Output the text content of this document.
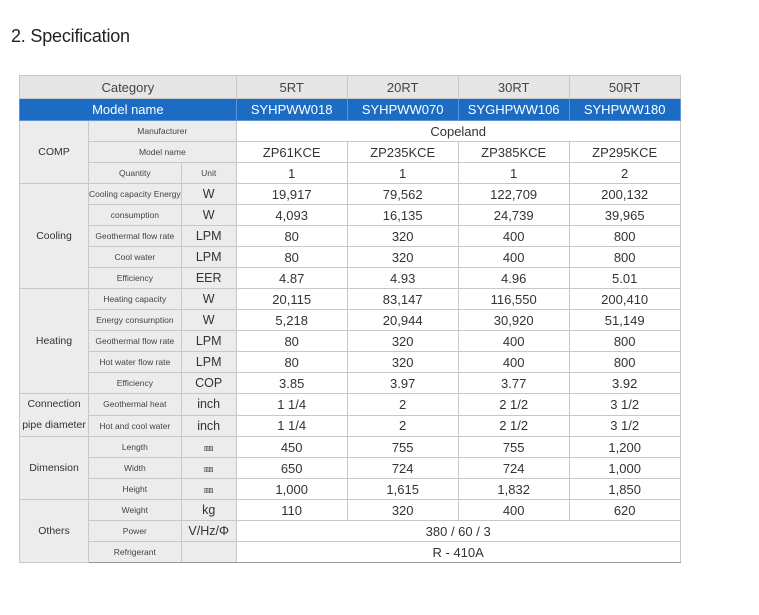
2. Specification
Category			5RT	20RT	30RT	50RT
Model name			SYHPWW018	SYHPWW070	SYGHPWW106	SYHPWW180
COMP	Manufacturer		Copeland			
	Model name		ZP61KCE	ZP235KCE	ZP385KCE	ZP295KCE
	Quantity	Unit	1	1	1	2
Cooling	Cooling capacity Energy	W	19,917	79,562	122,709	200,132
	consumption	W	4,093	16,135	24,739	39,965
	Geothermal flow rate	LPM	80	320	400	800
	Cool water	LPM	80	320	400	800
	Efficiency	EER	4.87	4.93	4.96	5.01
Heating	Heating capacity	W	20,115	83,147	116,550	200,410
	Energy consumption	W	5,218	20,944	30,920	51,149
	Geothermal flow rate	LPM	80	320	400	800
	Hot water flow rate	LPM	80	320	400	800
	Efficiency	COP	3.85	3.97	3.77	3.92

Connection
pipe diameter	Geothermal heat	inch	1 1/4	2	2 1/2	3 1/2
	Hot and cool water	inch	1 1/4	2	2 1/2	3 1/2
Dimension	Length	㎜	450	755	755	1,200
	Width	㎜	650	724	724	1,000
	Height	㎜	1,000	1,615	1,832	1,850
Others	Weight	kg	110	320	400	620
	Power	V/Hz/Φ	380 / 60 / 3			
	Refrigerant		R - 410A			
